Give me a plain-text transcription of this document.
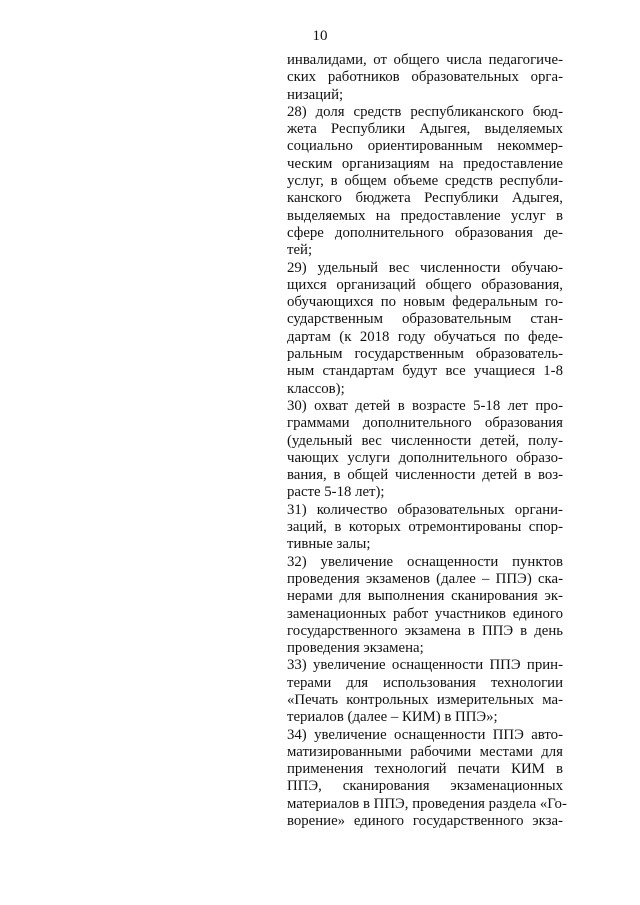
10
инвалидами, от общего числа педагогиче-
ских работников образовательных орга-
низаций;
28) доля средств республиканского бюд-
жета Республики Адыгея, выделяемых
социально ориентированным некоммер-
ческим организациям на предоставление
услуг, в общем объеме средств республи-
канского бюджета Республики Адыгея,
выделяемых на предоставление услуг в
сфере дополнительного образования де-
тей;
29) удельный вес численности обучаю-
щихся организаций общего образования,
обучающихся по новым федеральным го-
сударственным образовательным стан-
дартам (к 2018 году обучаться по феде-
ральным государственным образователь-
ным стандартам будут все учащиеся 1-8
классов);
30) охват детей в возрасте 5-18 лет про-
граммами дополнительного образования
(удельный вес численности детей, полу-
чающих услуги дополнительного образо-
вания, в общей численности детей в воз-
расте 5-18 лет);
31) количество образовательных органи-
заций, в которых отремонтированы спор-
тивные залы;
32) увеличение оснащенности пунктов
проведения экзаменов (далее – ППЭ) ска-
нерами для выполнения сканирования эк-
заменационных работ участников единого
государственного экзамена в ППЭ в день
проведения экзамена;
33) увеличение оснащенности ППЭ прин-
терами для использования технологии
«Печать контрольных измерительных ма-
териалов (далее – КИМ) в ППЭ»;
34) увеличение оснащенности ППЭ авто-
матизированными рабочими местами для
применения технологий печати КИМ в
ППЭ, сканирования экзаменационных
материалов в ППЭ, проведения раздела «Го-
ворение» единого государственного экза-
